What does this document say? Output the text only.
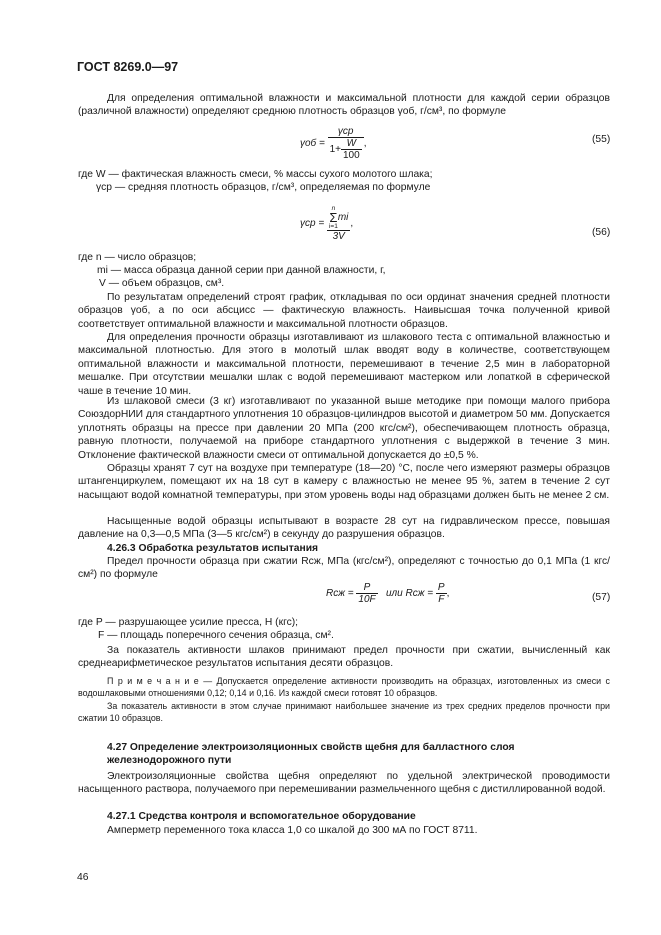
ГОСТ 8269.0—97

Для определения оптимальной влажности и максимальной плотности для каждой серии образцов (различной влажности) определяют среднюю плотность образцов γоб, г/см³, по формуле

$\gamma об = \frac{\text{γср}}{1+ \frac{W}{100}}$ ,	(55)
где W — фактическая влажность смеси, % массы сухого молотого шлака;
γср — средняя плотность образцов, г/см³, определяемая по формуле
γср = n
Σ
i=1
mi
3V ,
(56)
где n — число образцов;
mi — масса образца данной серии при данной влажности, г,
V — объем образцов, см³.

По результатам определений строят график, откладывая по оси ординат значения средней плотности образцов γоб, а по оси абсцисс — фактическую влажность. Наивысшая точка полученной кривой соответствует оптимальной влажности и максимальной плотности образцов.

Для определения прочности образцы изготавливают из шлакового теста с оптимальной влажностью и максимальной плотностью. Для этого в молотый шлак вводят воду в количестве, соответствующем оптимальной влажности и максимальной плотности, перемешивают в течение 2,5 мин в лабораторной мешалке. При отсутствии мешалки шлак с водой перемешивают мастерком или лопаткой в сферической чаше в течение 10 мин.

Из шлаковой смеси (3 кг) изготавливают по указанной выше методике при помощи малого прибора СоюздорНИИ для стандартного уплотнения 10 образцов-цилиндров высотой и диаметром 50 мм. Допускается уплотнять образцы на прессе при давлении 20 МПа (200 кгс/см²), обеспечивающем плотность образца, равную плотности, получаемой на приборе стандартного уплотнения с выдержкой в течение 3 мин. Отклонение фактической влажности смеси от оптимальной допускается до ±0,5 %.

Образцы хранят 7 сут на воздухе при температуре (18—20) °С, после чего измеряют размеры образцов штангенциркулем, помещают их на 18 сут в камеру с влажностью не менее 95 %, затем в течение 2 сут насыщают водой комнатной температуры, при этом уровень воды над образцами должен быть не менее 2 см.

Насыщенные водой образцы испытывают в возрасте 28 сут на гидравлическом прессе, повышая давление на 0,3—0,5 МПа (3—5 кгс/см²) в секунду до разрушения образцов.

4.26.3 Обработка результатов испытания

Предел прочности образца при сжатии Rсж, МПа (кгс/см²), определяют с точностью до 0,1 МПа (1 кгс/см²) по формуле

Rсж = $\frac{P}{10F}$ или Rсж = $\frac{P}{F}$ ,	(57)
где P — разрушающее усилие пресса, Н (кгс);
F — площадь поперечного сечения образца, см².

За показатель активности шлаков принимают предел прочности при сжатии, вычисленный как среднеарифметическое результатов испытания десяти образцов.

П р и м е ч а н и е — Допускается определение активности производить на образцах, изготовленных из смеси с водошлаковыми отношениями 0,12; 0,14 и 0,16. Из каждой смеси готовят 10 образцов.

За показатель активности в этом случае принимают наибольшее значение из трех средних пределов прочности при сжатии 10 образцов.

4.27 Определение электроизоляционных свойств щебня для балластного слоя
железнодорожного пути

Электроизоляционные свойства щебня определяют по удельной электрической проводимости насыщенного раствора, получаемого при перемешивании размельченного щебня с дистиллированной водой.

4.27.1 Средства контроля и вспомогательное оборудование

Амперметр переменного тока класса 1,0 со шкалой до 300 мА по ГОСТ 8711.

46
